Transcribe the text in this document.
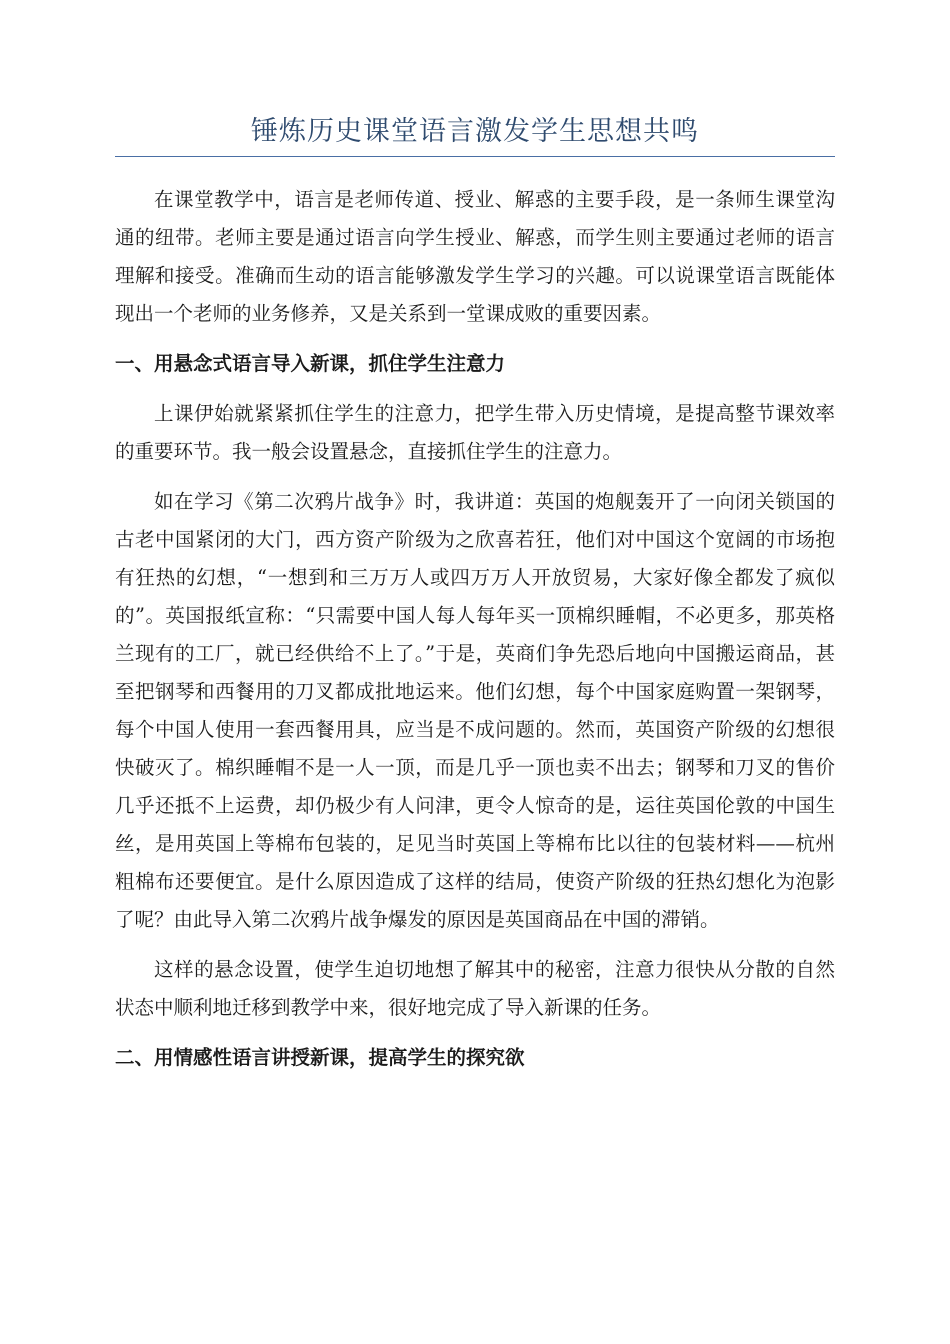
锤炼历史课堂语言激发学生思想共鸣

在课堂教学中，语言是老师传道、授业、解惑的主要手段，是一条师生课堂沟通的纽带。老师主要是通过语言向学生授业、解惑，而学生则主要通过老师的语言理解和接受。准确而生动的语言能够激发学生学习的兴趣。可以说课堂语言既能体现出一个老师的业务修养，又是关系到一堂课成败的重要因素。

一、用悬念式语言导入新课，抓住学生注意力

上课伊始就紧紧抓住学生的注意力，把学生带入历史情境，是提高整节课效率的重要环节。我一般会设置悬念，直接抓住学生的注意力。

如在学习《第二次鸦片战争》时，我讲道：英国的炮舰轰开了一向闭关锁国的古老中国紧闭的大门，西方资产阶级为之欣喜若狂，他们对中国这个宽阔的市场抱有狂热的幻想，“一想到和三万万人或四万万人开放贸易，大家好像全都发了疯似的”。英国报纸宣称：“只需要中国人每人每年买一顶棉织睡帽，不必更多，那英格兰现有的工厂，就已经供给不上了。”于是，英商们争先恐后地向中国搬运商品，甚至把钢琴和西餐用的刀叉都成批地运来。他们幻想，每个中国家庭购置一架钢琴，每个中国人使用一套西餐用具，应当是不成问题的。然而，英国资产阶级的幻想很快破灭了。棉织睡帽不是一人一顶，而是几乎一顶也卖不出去；钢琴和刀叉的售价几乎还抵不上运费，却仍极少有人问津，更令人惊奇的是，运往英国伦敦的中国生丝，是用英国上等棉布包装的，足见当时英国上等棉布比以往的包装材料——杭州粗棉布还要便宜。是什么原因造成了这样的结局，使资产阶级的狂热幻想化为泡影了呢？由此导入第二次鸦片战争爆发的原因是英国商品在中国的滞销。

这样的悬念设置，使学生迫切地想了解其中的秘密，注意力很快从分散的自然状态中顺利地迁移到教学中来，很好地完成了导入新课的任务。

二、用情感性语言讲授新课，提高学生的探究欲
